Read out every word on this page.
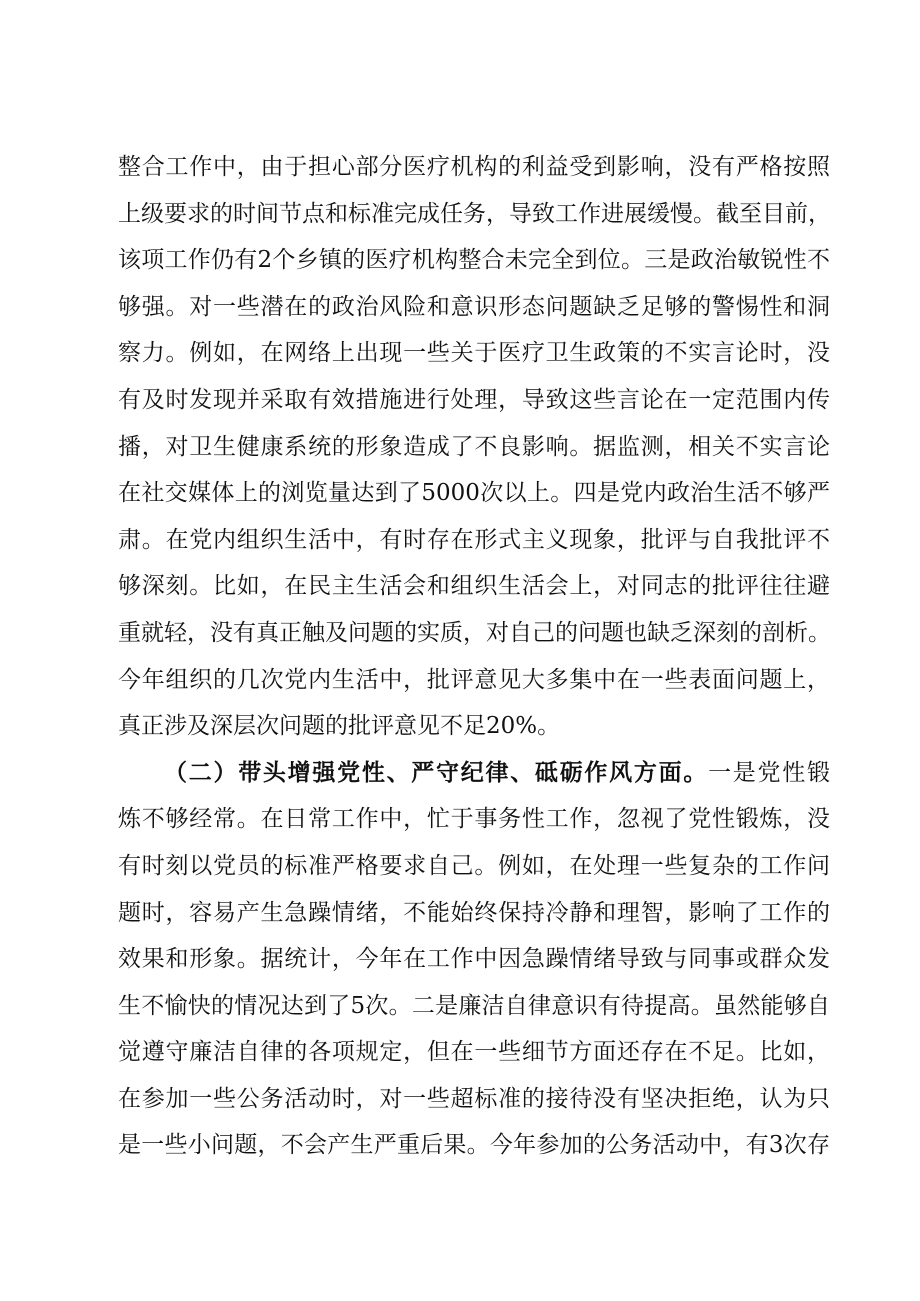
整合工作中，由于担心部分医疗机构的利益受到影响，没有严格按照
上级要求的时间节点和标准完成任务，导致工作进展缓慢。截至目前，
该项工作仍有2个乡镇的医疗机构整合未完全到位。三是政治敏锐性不
够强。对一些潜在的政治风险和意识形态问题缺乏足够的警惕性和洞
察力。例如，在网络上出现一些关于医疗卫生政策的不实言论时，没
有及时发现并采取有效措施进行处理，导致这些言论在一定范围内传
播，对卫生健康系统的形象造成了不良影响。据监测，相关不实言论
在社交媒体上的浏览量达到了5000次以上。四是党内政治生活不够严
肃。在党内组织生活中，有时存在形式主义现象，批评与自我批评不
够深刻。比如，在民主生活会和组织生活会上，对同志的批评往往避
重就轻，没有真正触及问题的实质，对自己的问题也缺乏深刻的剖析。
今年组织的几次党内生活中，批评意见大多集中在一些表面问题上，
真正涉及深层次问题的批评意见不足20%。
（二）带头增强党性、严守纪律、砥砺作风方面。一是党性锻
炼不够经常。在日常工作中，忙于事务性工作，忽视了党性锻炼，没
有时刻以党员的标准严格要求自己。例如，在处理一些复杂的工作问
题时，容易产生急躁情绪，不能始终保持冷静和理智，影响了工作的
效果和形象。据统计，今年在工作中因急躁情绪导致与同事或群众发
生不愉快的情况达到了5次。二是廉洁自律意识有待提高。虽然能够自
觉遵守廉洁自律的各项规定，但在一些细节方面还存在不足。比如，
在参加一些公务活动时，对一些超标准的接待没有坚决拒绝，认为只
是一些小问题，不会产生严重后果。今年参加的公务活动中，有3次存
